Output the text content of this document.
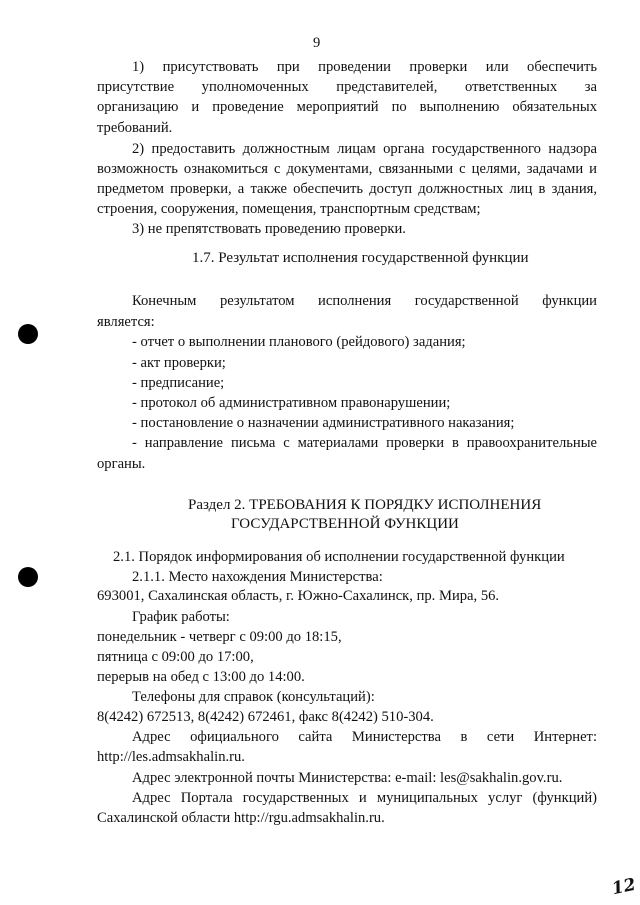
9
1) присутствовать при проведении проверки или обеспечить
присутствие уполномоченных представителей, ответственных за
организацию и проведение мероприятий по выполнению обязательных
требований.
2) предоставить должностным лицам органа государственного надзора
возможность ознакомиться с документами, связанными с целями, задачами и
предметом проверки, а также обеспечить доступ должностных лиц в здания,
строения, сооружения, помещения, транспортным средствам;
3) не препятствовать проведению проверки.
1.7. Результат исполнения государственной функции
Конечным результатом исполнения государственной функции
является:
- отчет о выполнении планового (рейдового) задания;
- акт проверки;
- предписание;
- протокол об административном правонарушении;
- постановление о назначении административного наказания;
- направление письма с материалами проверки в правоохранительные
органы.
Раздел 2. ТРЕБОВАНИЯ К ПОРЯДКУ ИСПОЛНЕНИЯ
ГОСУДАРСТВЕННОЙ ФУНКЦИИ
2.1. Порядок информирования об исполнении государственной функции
2.1.1. Место нахождения Министерства:
693001, Сахалинская область, г. Южно-Сахалинск, пр. Мира, 56.
График работы:
понедельник - четверг с 09:00 до 18:15,
пятница с 09:00 до 17:00,
перерыв на обед с 13:00 до 14:00.
Телефоны для справок (консультаций):
8(4242) 672513, 8(4242) 672461, факс 8(4242) 510-304.
Адрес официального сайта Министерства в сети Интернет:
http://les.admsakhalin.ru.
Адрес электронной почты Министерства: e-mail: les@sakhalin.gov.ru.
Адрес Портала государственных и муниципальных услуг (функций)
Сахалинской области http://rgu.admsakhalin.ru.
12
